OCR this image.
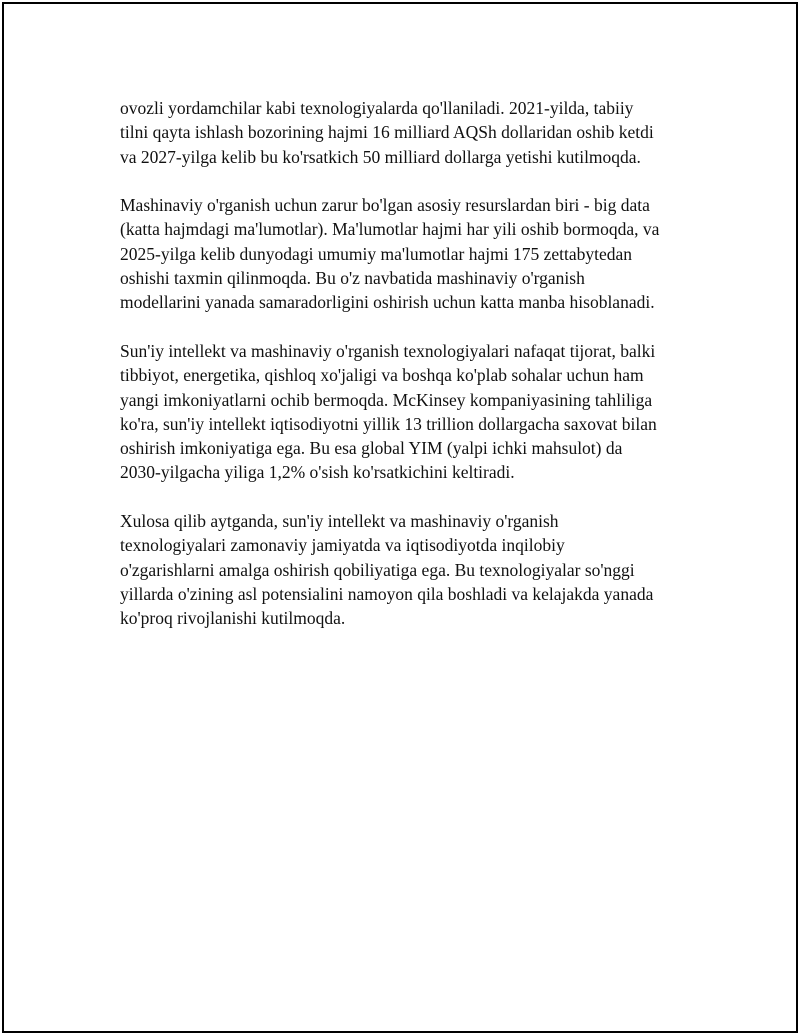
ovozli yordamchilar kabi texnologiyalarda qo'llaniladi. 2021-yilda, tabiiy
tilni qayta ishlash bozorining hajmi 16 milliard AQSh dollaridan oshib ketdi
va 2027-yilga kelib bu ko'rsatkich 50 milliard dollarga yetishi kutilmoqda.

Mashinaviy o'rganish uchun zarur bo'lgan asosiy resurslardan biri - big data
(katta hajmdagi ma'lumotlar). Ma'lumotlar hajmi har yili oshib bormoqda, va
2025-yilga kelib dunyodagi umumiy ma'lumotlar hajmi 175 zettabytedan
oshishi taxmin qilinmoqda. Bu o'z navbatida mashinaviy o'rganish
modellarini yanada samaradorligini oshirish uchun katta manba hisoblanadi.

Sun'iy intellekt va mashinaviy o'rganish texnologiyalari nafaqat tijorat, balki
tibbiyot, energetika, qishloq xo'jaligi va boshqa ko'plab sohalar uchun ham
yangi imkoniyatlarni ochib bermoqda. McKinsey kompaniyasining tahliliga
ko'ra, sun'iy intellekt iqtisodiyotni yillik 13 trillion dollargacha saxovat bilan
oshirish imkoniyatiga ega. Bu esa global YIM (yalpi ichki mahsulot) da
2030-yilgacha yiliga 1,2% o'sish ko'rsatkichini keltiradi.

Xulosa qilib aytganda, sun'iy intellekt va mashinaviy o'rganish
texnologiyalari zamonaviy jamiyatda va iqtisodiyotda inqilobiy
o'zgarishlarni amalga oshirish qobiliyatiga ega. Bu texnologiyalar so'nggi
yillarda o'zining asl potensialini namoyon qila boshladi va kelajakda yanada
ko'proq rivojlanishi kutilmoqda.
